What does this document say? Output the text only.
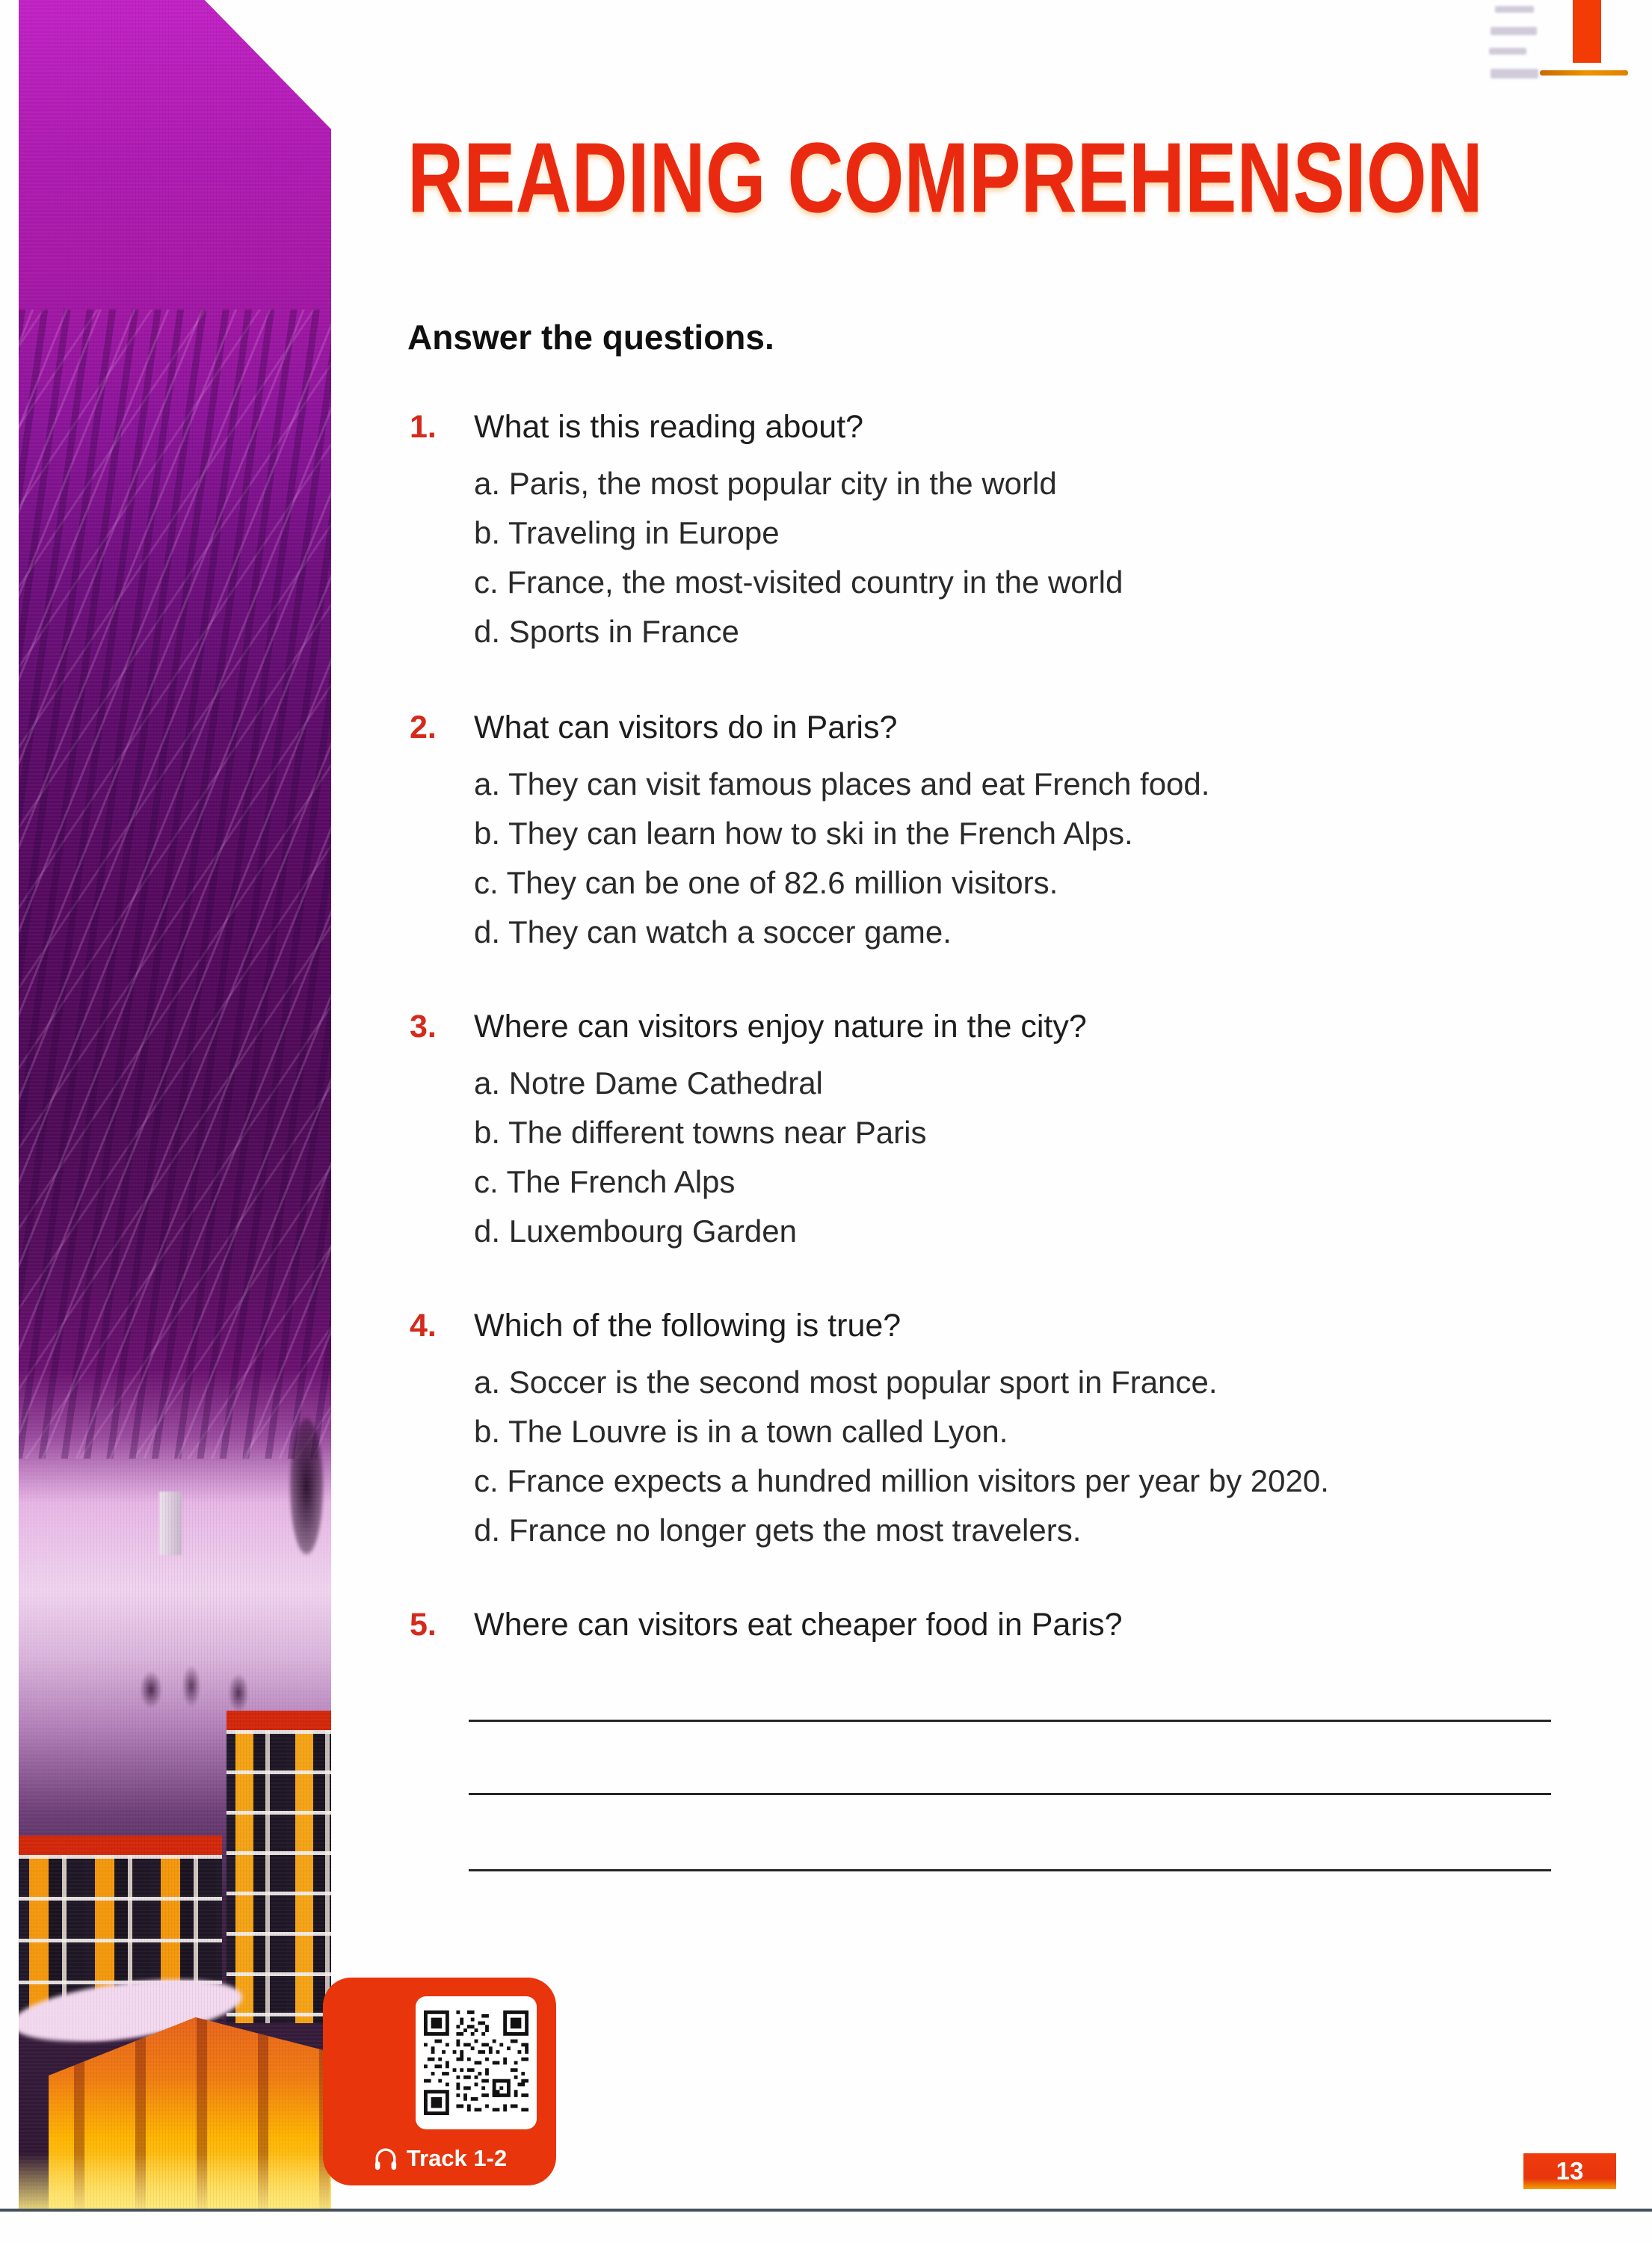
READING COMPREHENSION

Answer the questions.

1.	What is this reading about?
a. Paris, the most popular city in the world
b. Traveling in Europe
c. France, the most-visited country in the world
d. Sports in France
2.	What can visitors do in Paris?
a. They can visit famous places and eat French food.
b. They can learn how to ski in the French Alps.
c. They can be one of 82.6 million visitors.
d. They can watch a soccer game.
3.	Where can visitors enjoy nature in the city?
a. Notre Dame Cathedral
b. The different towns near Paris
c. The French Alps
d. Luxembourg Garden
4.	Which of the following is true?
a. Soccer is the second most popular sport in France.
b. The Louvre is in a town called Lyon.
c. France expects a hundred million visitors per year by 2020.
d. France no longer gets the most travelers.
5.	Where can visitors eat cheaper food in Paris?
Track 1-2	13
